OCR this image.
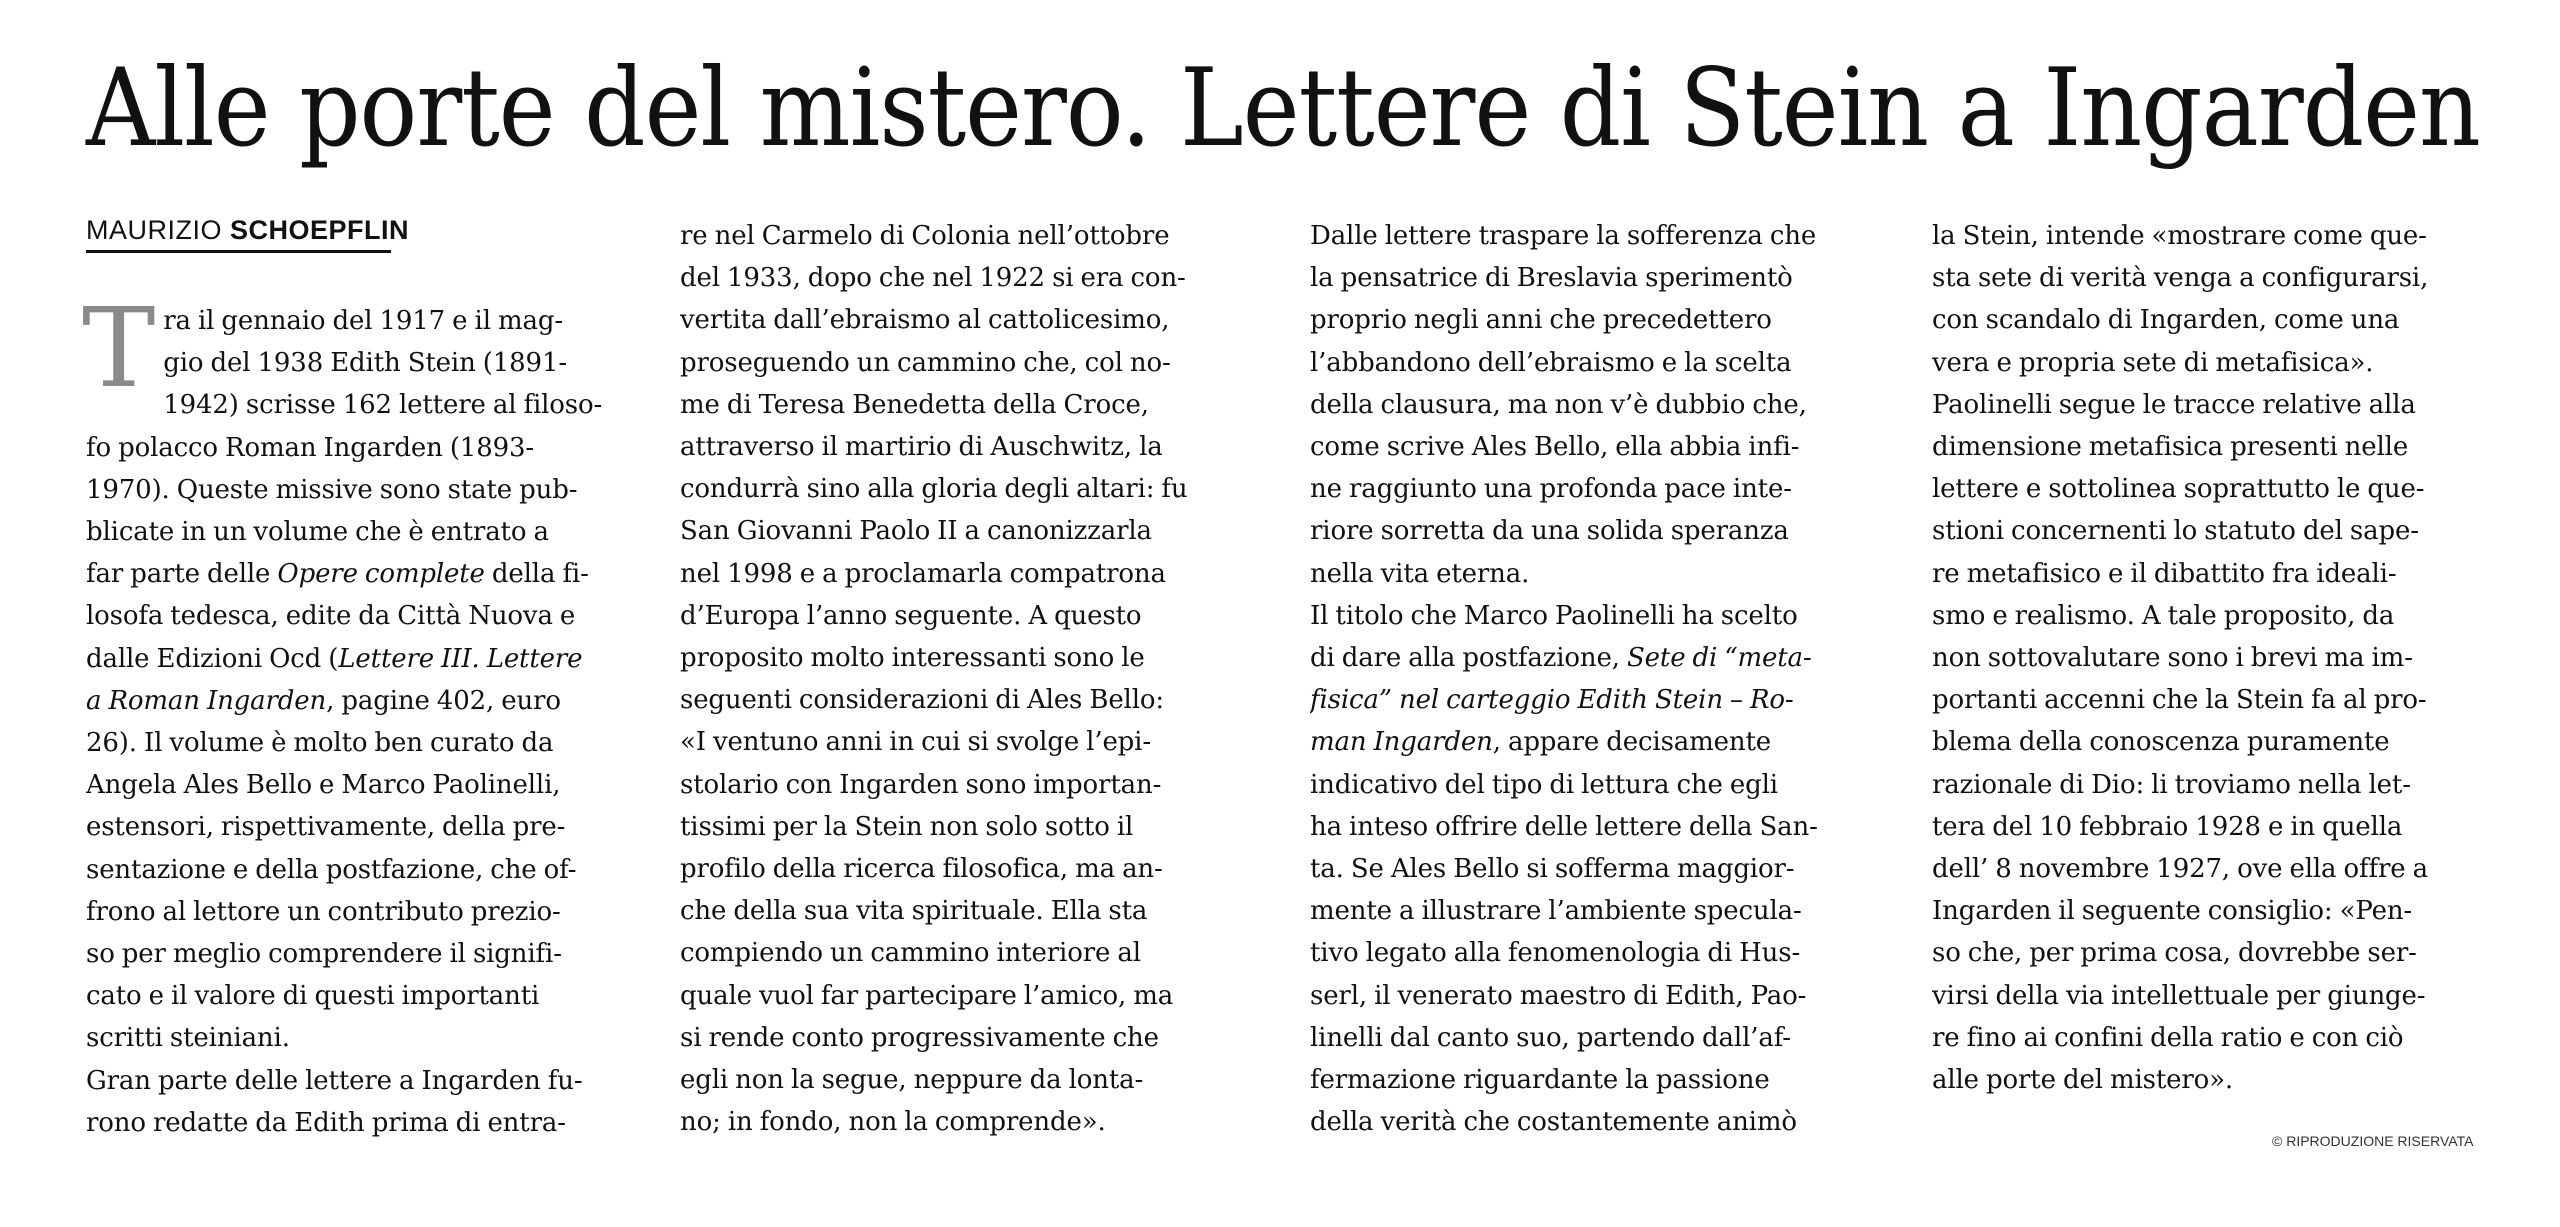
Alle porte del mistero. Lettere di Stein a Ingarden
MAURIZIO SCHOEPFLIN
T ra il gennaio del 1917 e il mag-
gio del 1938 Edith Stein (1891-
1942) scrisse 162 lettere al filoso-
fo polacco Roman Ingarden (1893-
1970). Queste missive sono state pub-
blicate in un volume che è entrato a
far parte delle Opere complete della fi-
losofa tedesca, edite da Città Nuova e
dalle Edizioni Ocd (Lettere III. Lettere
a Roman Ingarden, pagine 402, euro
26). Il volume è molto ben curato da
Angela Ales Bello e Marco Paolinelli,
estensori, rispettivamente, della pre-
sentazione e della postfazione, che of-
frono al lettore un contributo prezio-
so per meglio comprendere il signifi-
cato e il valore di questi importanti
scritti steiniani.
Gran parte delle lettere a Ingarden fu-
rono redatte da Edith prima di entra-
re nel Carmelo di Colonia nell’ottobre
del 1933, dopo che nel 1922 si era con-
vertita dall’ebraismo al cattolicesimo,
proseguendo un cammino che, col no-
me di Teresa Benedetta della Croce,
attraverso il martirio di Auschwitz, la
condurrà sino alla gloria degli altari: fu
San Giovanni Paolo II a canonizzarla
nel 1998 e a proclamarla compatrona
d’Europa l’anno seguente. A questo
proposito molto interessanti sono le
seguenti considerazioni di Ales Bello:
«I ventuno anni in cui si svolge l’epi-
stolario con Ingarden sono importan-
tissimi per la Stein non solo sotto il
profilo della ricerca filosofica, ma an-
che della sua vita spirituale. Ella sta
compiendo un cammino interiore al
quale vuol far partecipare l’amico, ma
si rende conto progressivamente che
egli non la segue, neppure da lonta-
no; in fondo, non la comprende».
Dalle lettere traspare la sofferenza che
la pensatrice di Breslavia sperimentò
proprio negli anni che precedettero
l’abbandono dell’ebraismo e la scelta
della clausura, ma non v’è dubbio che,
come scrive Ales Bello, ella abbia infi-
ne raggiunto una profonda pace inte-
riore sorretta da una solida speranza
nella vita eterna.
Il titolo che Marco Paolinelli ha scelto
di dare alla postfazione, Sete di “meta-
fisica” nel carteggio Edith Stein – Ro-
man Ingarden, appare decisamente
indicativo del tipo di lettura che egli
ha inteso offrire delle lettere della San-
ta. Se Ales Bello si sofferma maggior-
mente a illustrare l’ambiente specula-
tivo legato alla fenomenologia di Hus-
serl, il venerato maestro di Edith, Pao-
linelli dal canto suo, partendo dall’af-
fermazione riguardante la passione
della verità che costantemente animò
la Stein, intende «mostrare come que-
sta sete di verità venga a configurarsi,
con scandalo di Ingarden, come una
vera e propria sete di metafisica».
Paolinelli segue le tracce relative alla
dimensione metafisica presenti nelle
lettere e sottolinea soprattutto le que-
stioni concernenti lo statuto del sape-
re metafisico e il dibattito fra ideali-
smo e realismo. A tale proposito, da
non sottovalutare sono i brevi ma im-
portanti accenni che la Stein fa al pro-
blema della conoscenza puramente
razionale di Dio: li troviamo nella let-
tera del 10 febbraio 1928 e in quella
dell’ 8 novembre 1927, ove ella offre a
Ingarden il seguente consiglio: «Pen-
so che, per prima cosa, dovrebbe ser-
virsi della via intellettuale per giunge-
re fino ai confini della ratio e con ciò
alle porte del mistero».
© RIPRODUZIONE RISERVATA
